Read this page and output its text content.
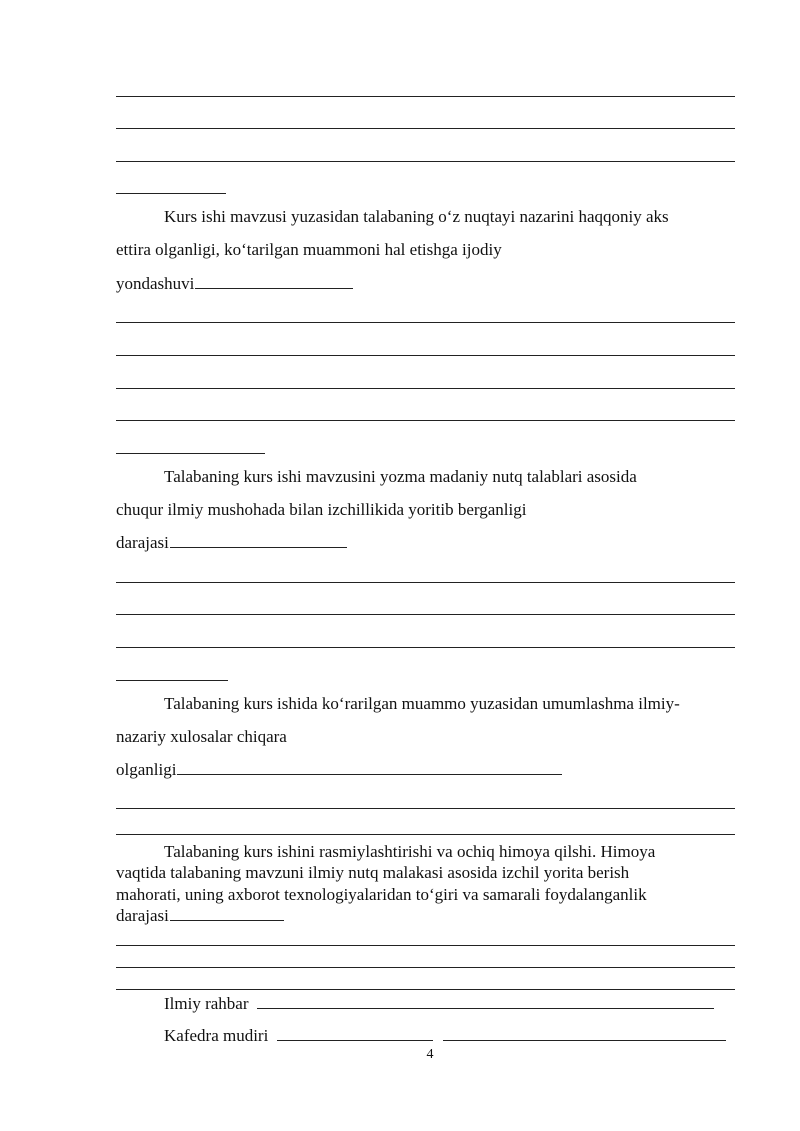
Kurs ishi mavzusi yuzasidan talabaning o‘z nuqtayi nazarini haqqoniy aks
ettira olganligi, ko‘tarilgan muammoni hal etishga ijodiy
yondashuvi
Talabaning kurs ishi mavzusini yozma madaniy nutq talablari asosida
chuqur ilmiy mushohada bilan izchillikida yoritib berganligi
darajasi
Talabaning kurs ishida ko‘rarilgan muammo yuzasidan umumlashma ilmiy-
nazariy xulosalar chiqara
olganligi
Talabaning kurs ishini rasmiylashtirishi va ochiq himoya qilshi. Himoya
vaqtida talabaning mavzuni ilmiy nutq malakasi asosida izchil yorita berish
mahorati, uning axborot texnologiyalaridan to‘giri va samarali foydalanganlik
darajasi
Ilmiy rahbar
Kafedra mudiri
4
